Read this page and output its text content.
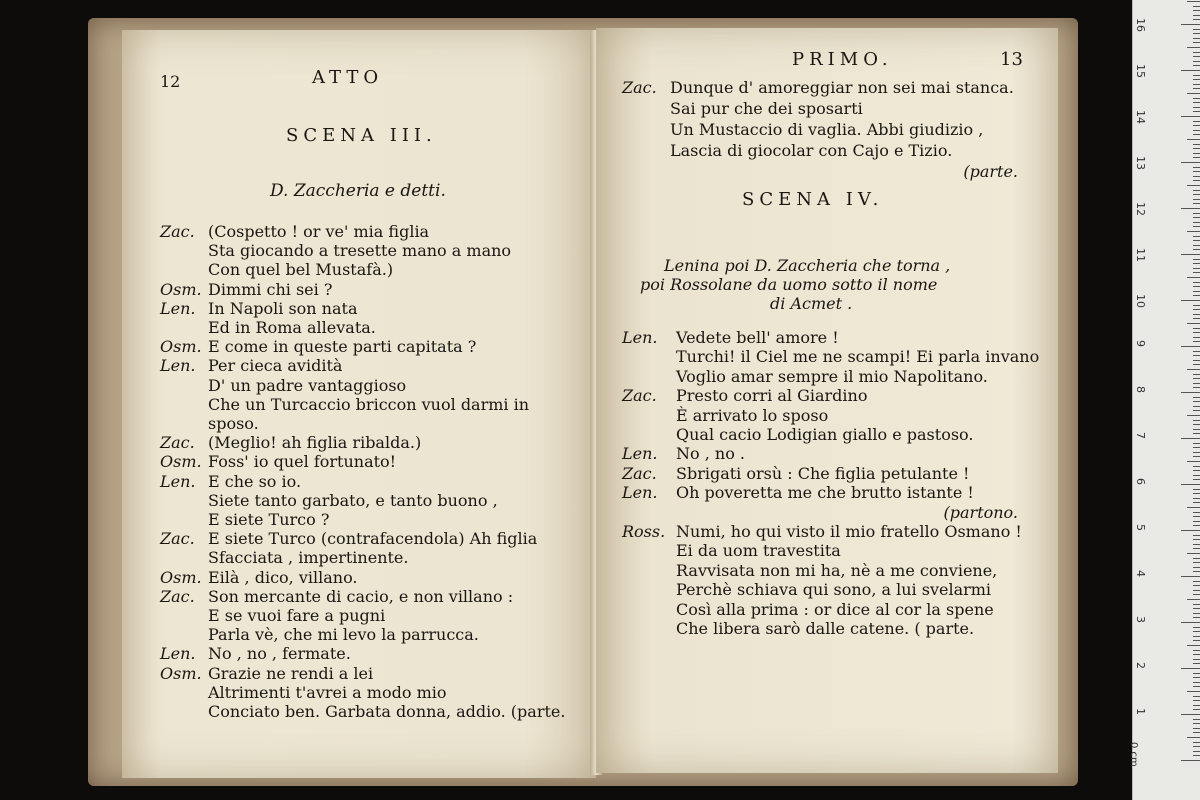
12	ATTO
SCENA III.
D. Zaccheria e detti.
Zac. (Cospetto ! or ve' mia figlia
Sta giocando a tresette mano a mano
Con quel bel Mustafà.)
Osm. Dimmi chi sei ?
Len. In Napoli son nata
Ed in Roma allevata.
Osm. E come in queste parti capitata ?
Len. Per cieca avidità
D' un padre vantaggioso
Che un Turcaccio briccon vuol darmi in
sposo.
Zac. (Meglio! ah figlia ribalda.)
Osm. Foss' io quel fortunato!
Len. E che so io.
Siete tanto garbato, e tanto buono ,
E siete Turco ?
Zac. E siete Turco (contrafacendola) Ah figlia
Sfacciata , impertinente.
Osm. Eilà , dico, villano.
Zac. Son mercante di cacio, e non villano :
E se vuoi fare a pugni
Parla vè, che mi levo la parrucca.
Len. No , no , fermate.
Osm. Grazie ne rendi a lei
Altrimenti t'avrei a modo mio
Conciato ben. Garbata donna, addio. (parte.
PRIMO.	13
Zac. Dunque d' amoreggiar non sei mai stanca.
Sai pur che dei sposarti
Un Mustaccio di vaglia. Abbi giudizio ,
Lascia di giocolar con Cajo e Tizio.
(parte.
SCENA IV.
Lenina poi D. Zaccheria che torna ,
poi Rossolane da uomo sotto il nome
di Acmet .
Len. Vedete bell' amore !
Turchi! il Ciel me ne scampi! Ei parla invano
Voglio amar sempre il mio Napolitano.
Zac. Presto corri al Giardino
È arrivato lo sposo
Qual cacio Lodigian giallo e pastoso.
Len. No , no .
Zac. Sbrigati orsù : Che figlia petulante !
Len. Oh poveretta me che brutto istante !
(partono.
Ross. Numi, ho qui visto il mio fratello Osmano !
Ei da uom travestita
Ravvisata non mi ha, nè a me conviene,
Perchè schiava qui sono, a lui svelarmi
Così alla prima : or dice al cor la spene
Che libera sarò dalle catene. ( parte.
0 cm
1
2
3
4
5
6
7
8
9
10
11
12
13
14
15
16
